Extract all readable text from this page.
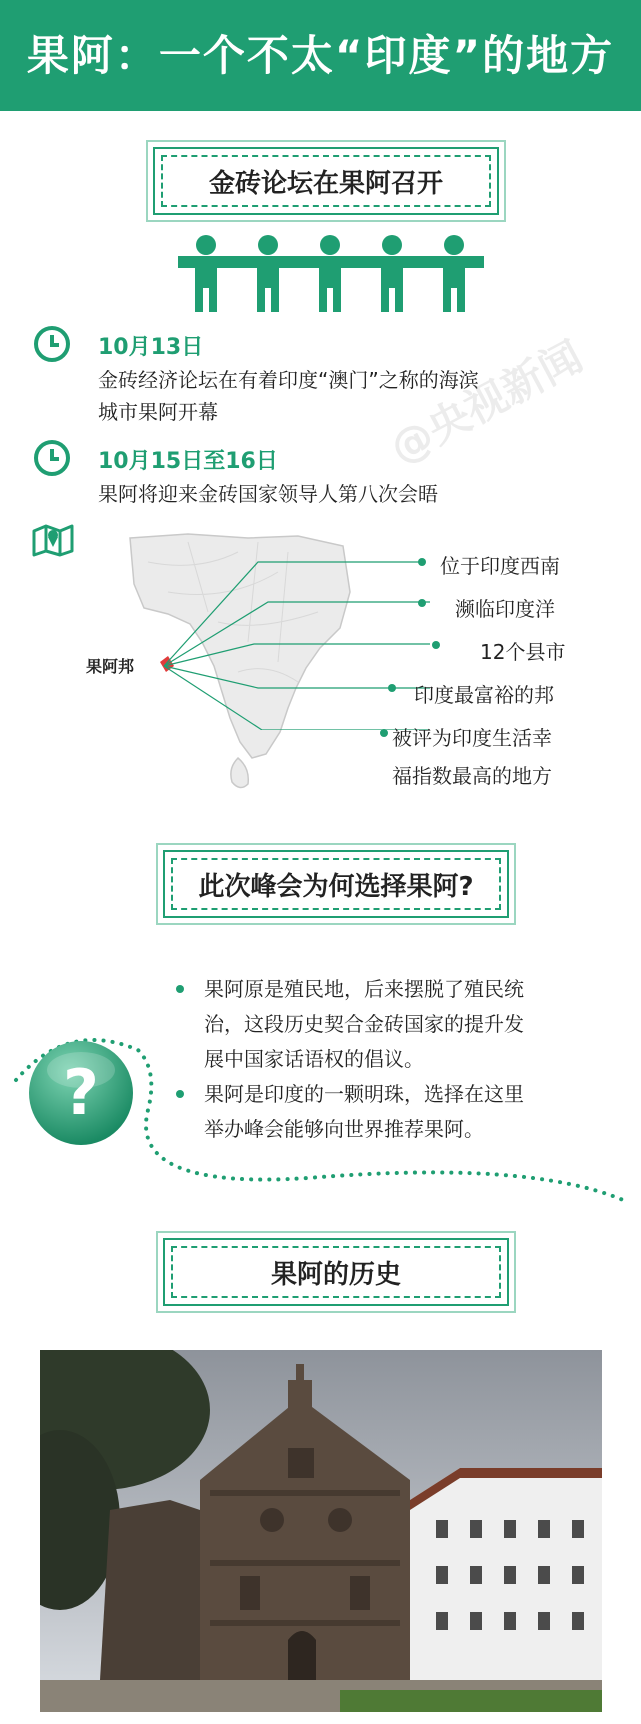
果阿：一个不太“印度”的地方
金砖论坛在果阿召开
10月13日
金砖经济论坛在有着印度“澳门”之称的海滨
城市果阿开幕
10月15日至16日
果阿将迎来金砖国家领导人第八次会晤
果阿邦
位于印度西南
濒临印度洋
12个县市
印度最富裕的邦
被评为印度生活幸
福指数最高的地方
@央视新闻
此次峰会为何选择果阿?
?
果阿原是殖民地，后来摆脱了殖民统
治，这段历史契合金砖国家的提升发
展中国家话语权的倡议。
果阿是印度的一颗明珠，选择在这里
举办峰会能够向世界推荐果阿。
果阿的历史
